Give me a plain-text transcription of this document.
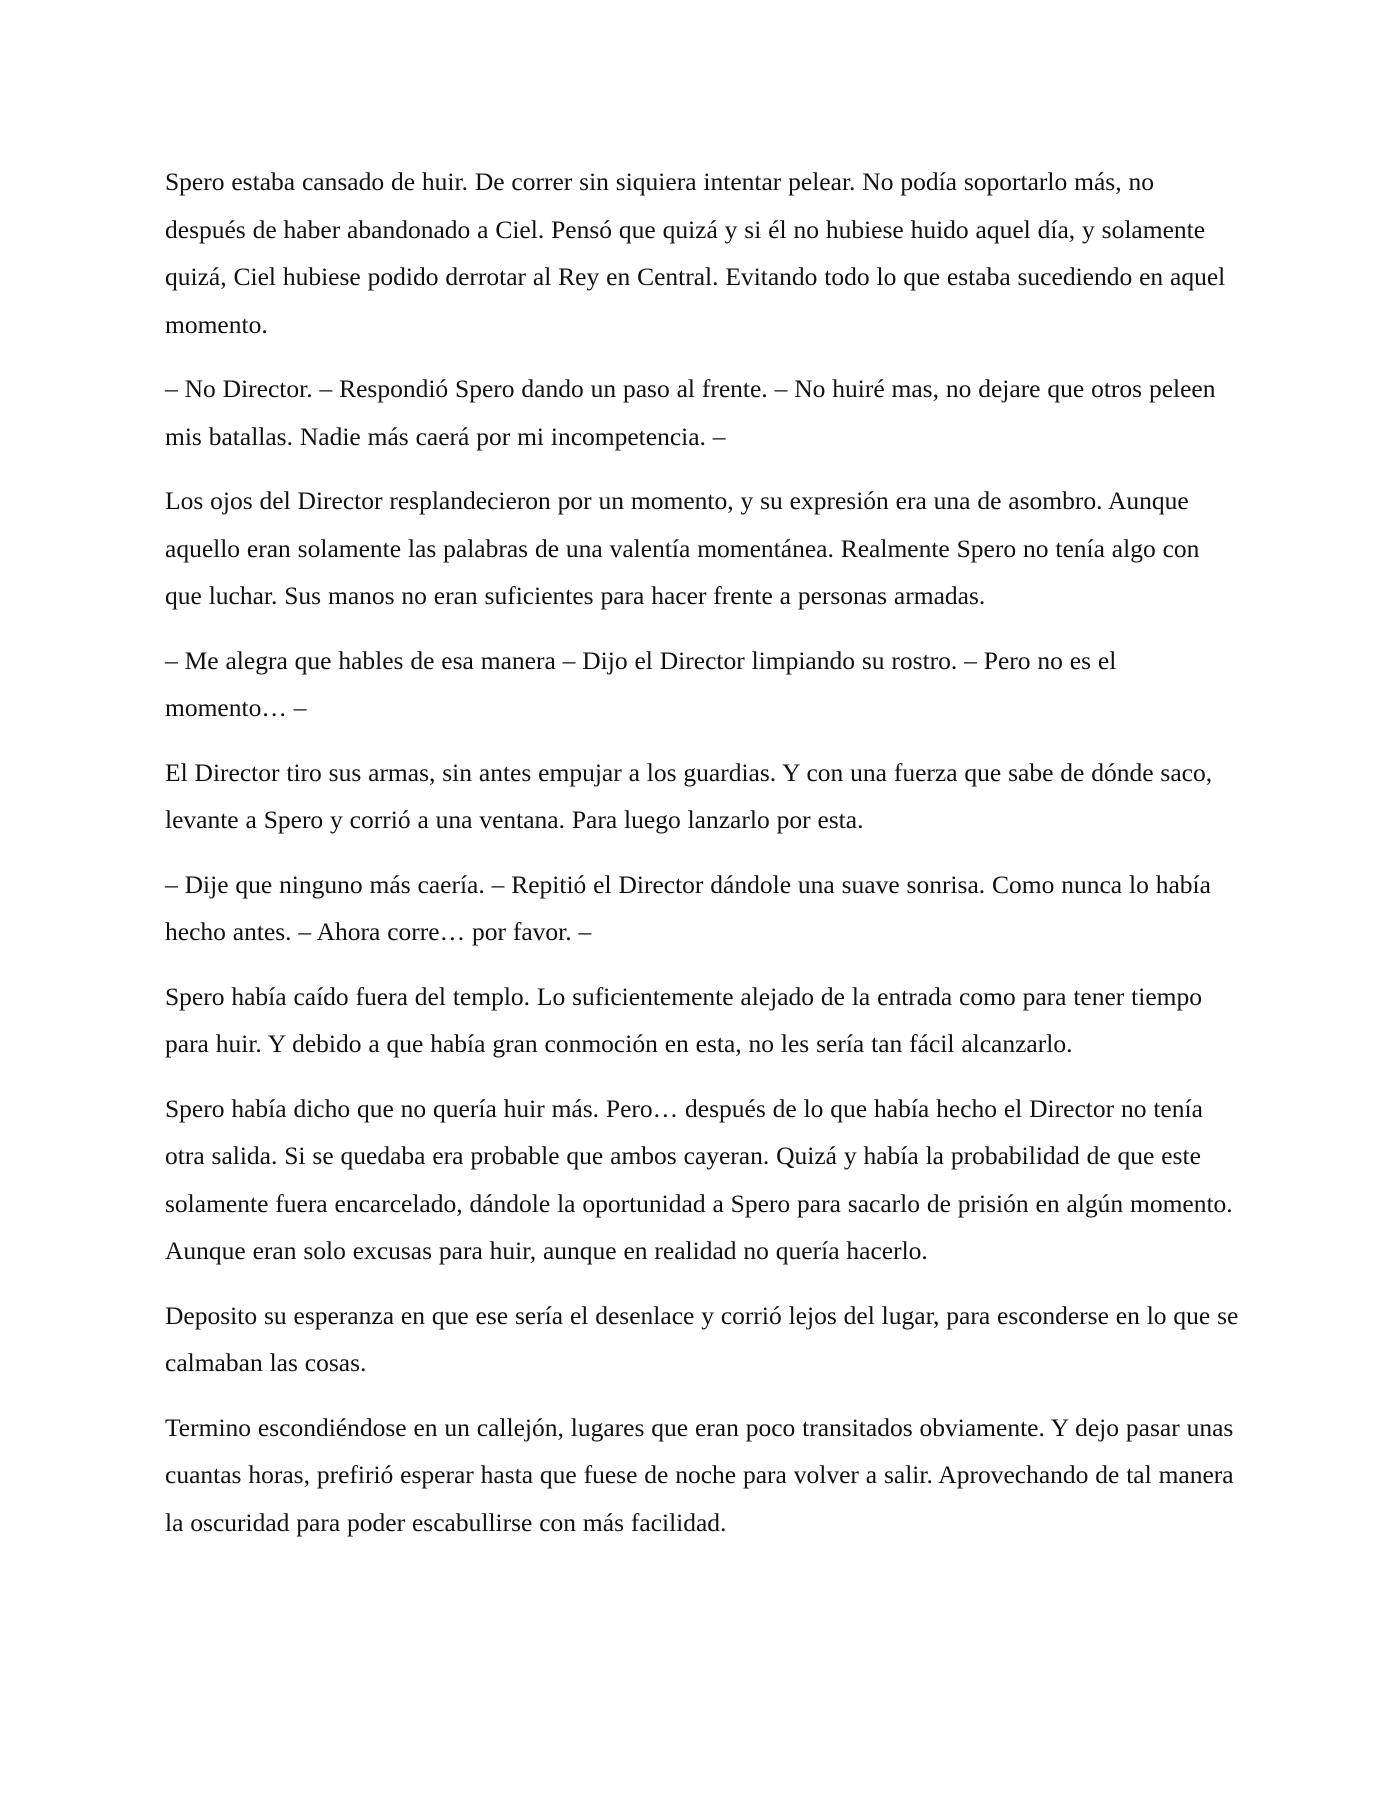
Spero estaba cansado de huir. De correr sin siquiera intentar pelear. No podía soportarlo más, no después de haber abandonado a Ciel. Pensó que quizá y si él no hubiese huido aquel día, y solamente quizá, Ciel hubiese podido derrotar al Rey en Central. Evitando todo lo que estaba sucediendo en aquel momento.

– No Director. – Respondió Spero dando un paso al frente. – No huiré mas, no dejare que otros peleen mis batallas. Nadie más caerá por mi incompetencia. –

Los ojos del Director resplandecieron por un momento, y su expresión era una de asombro. Aunque aquello eran solamente las palabras de una valentía momentánea. Realmente Spero no tenía algo con que luchar. Sus manos no eran suficientes para hacer frente a personas armadas.

– Me alegra que hables de esa manera – Dijo el Director limpiando su rostro. – Pero no es el momento… –

El Director tiro sus armas, sin antes empujar a los guardias. Y con una fuerza que sabe de dónde saco, levante a Spero y corrió a una ventana. Para luego lanzarlo por esta.

– Dije que ninguno más caería. – Repitió el Director dándole una suave sonrisa. Como nunca lo había hecho antes. – Ahora corre… por favor. –

Spero había caído fuera del templo. Lo suficientemente alejado de la entrada como para tener tiempo para huir. Y debido a que había gran conmoción en esta, no les sería tan fácil alcanzarlo.

Spero había dicho que no quería huir más. Pero… después de lo que había hecho el Director no tenía otra salida. Si se quedaba era probable que ambos cayeran. Quizá y había la probabilidad de que este solamente fuera encarcelado, dándole la oportunidad a Spero para sacarlo de prisión en algún momento. Aunque eran solo excusas para huir, aunque en realidad no quería hacerlo.

Deposito su esperanza en que ese sería el desenlace y corrió lejos del lugar, para esconderse en lo que se calmaban las cosas.

Termino escondiéndose en un callejón, lugares que eran poco transitados obviamente. Y dejo pasar unas cuantas horas, prefirió esperar hasta que fuese de noche para volver a salir. Aprovechando de tal manera la oscuridad para poder escabullirse con más facilidad.
